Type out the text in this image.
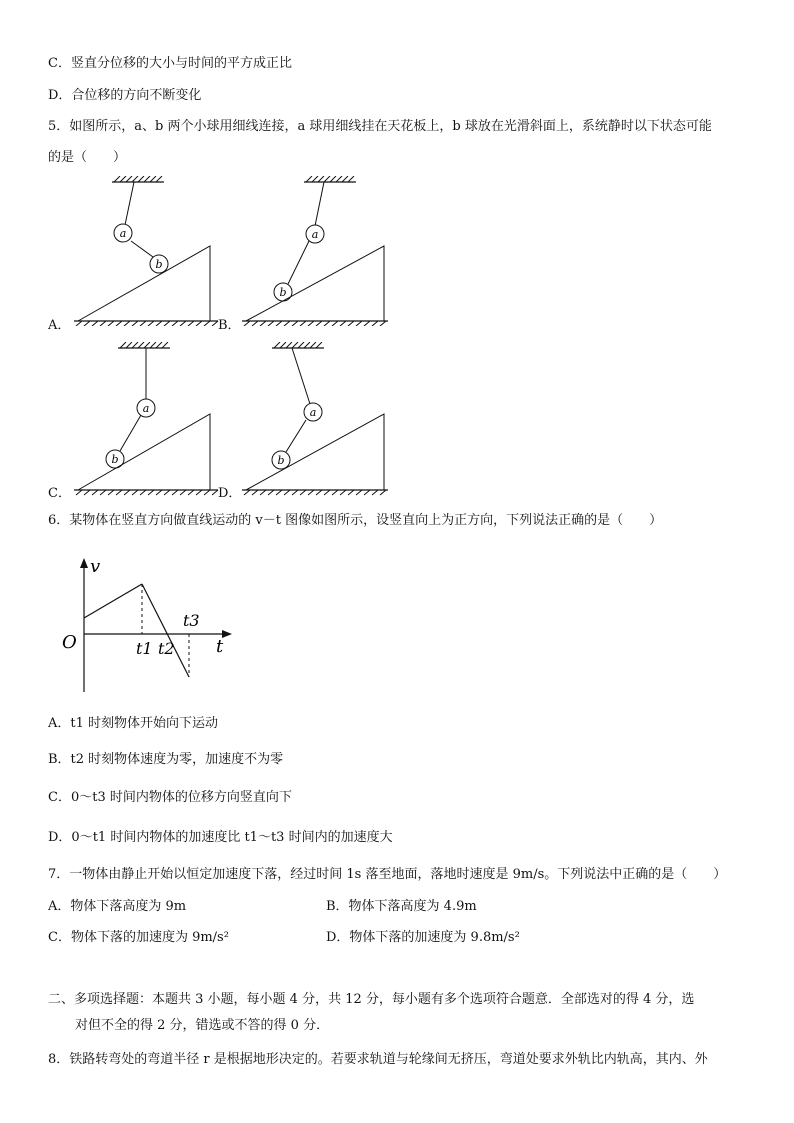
C．竖直分位移的大小与时间的平方成正比
D．合位移的方向不断变化
5．如图所示，a、b 两个小球用细线连接，a 球用细线挂在天花板上，b 球放在光滑斜面上，系统静时以下状态可能
的是（　　）
A．
a
b
B．
a
b
C．
a
b
D．
a
b
6．某物体在竖直方向做直线运动的 v－t 图像如图所示，设竖直向上为正方向，下列说法正确的是（　　）
v
t
O	t1 t2
t3
A．t1 时刻物体开始向下运动
B．t2 时刻物体速度为零，加速度不为零
C．0～t3 时间内物体的位移方向竖直向下
D．0～t1 时间内物体的加速度比 t1～t3 时间内的加速度大
7．一物体由静止开始以恒定加速度下落，经过时间 1s 落至地面，落地时速度是 9m/s。下列说法中正确的是（　　）
A．物体下落高度为 9m	B．物体下落高度为 4.9m
C．物体下落的加速度为 9m/s²	D．物体下落的加速度为 9.8m/s²
二、多项选择题：本题共 3 小题，每小题 4 分，共 12 分，每小题有多个选项符合题意．全部选对的得 4 分，选
对但不全的得 2 分，错选或不答的得 0 分．
8．铁路转弯处的弯道半径 r 是根据地形决定的。若要求轨道与轮缘间无挤压，弯道处要求外轨比内轨高，其内、外
